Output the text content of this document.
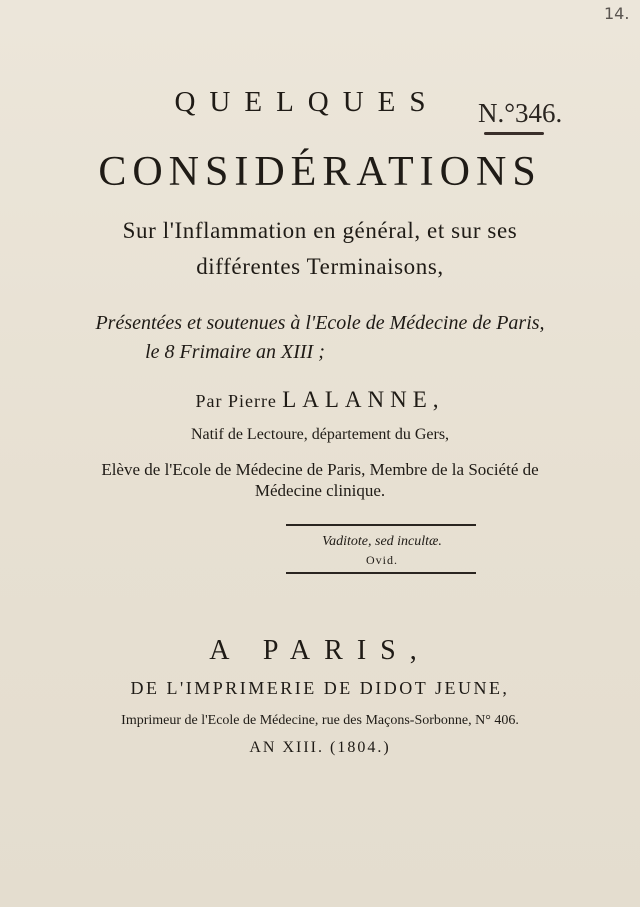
14.
N.°346.
QUELQUES
CONSIDÉRATIONS
Sur l'Inflammation en général, et sur ses
différentes Terminaisons,
Présentées et soutenues à l'Ecole de Médecine de Paris,
le 8 Frimaire an XIII ;
Par Pierre LALANNE,
Natif de Lectoure, département du Gers,
Elève de l'Ecole de Médecine de Paris, Membre de la Société de
Médecine clinique.
Vaditote, sed incultæ.
Ovid.
A PARIS,
DE L'IMPRIMERIE DE DIDOT JEUNE,
Imprimeur de l'Ecole de Médecine, rue des Maçons-Sorbonne, N° 406.
AN XIII. (1804.)
